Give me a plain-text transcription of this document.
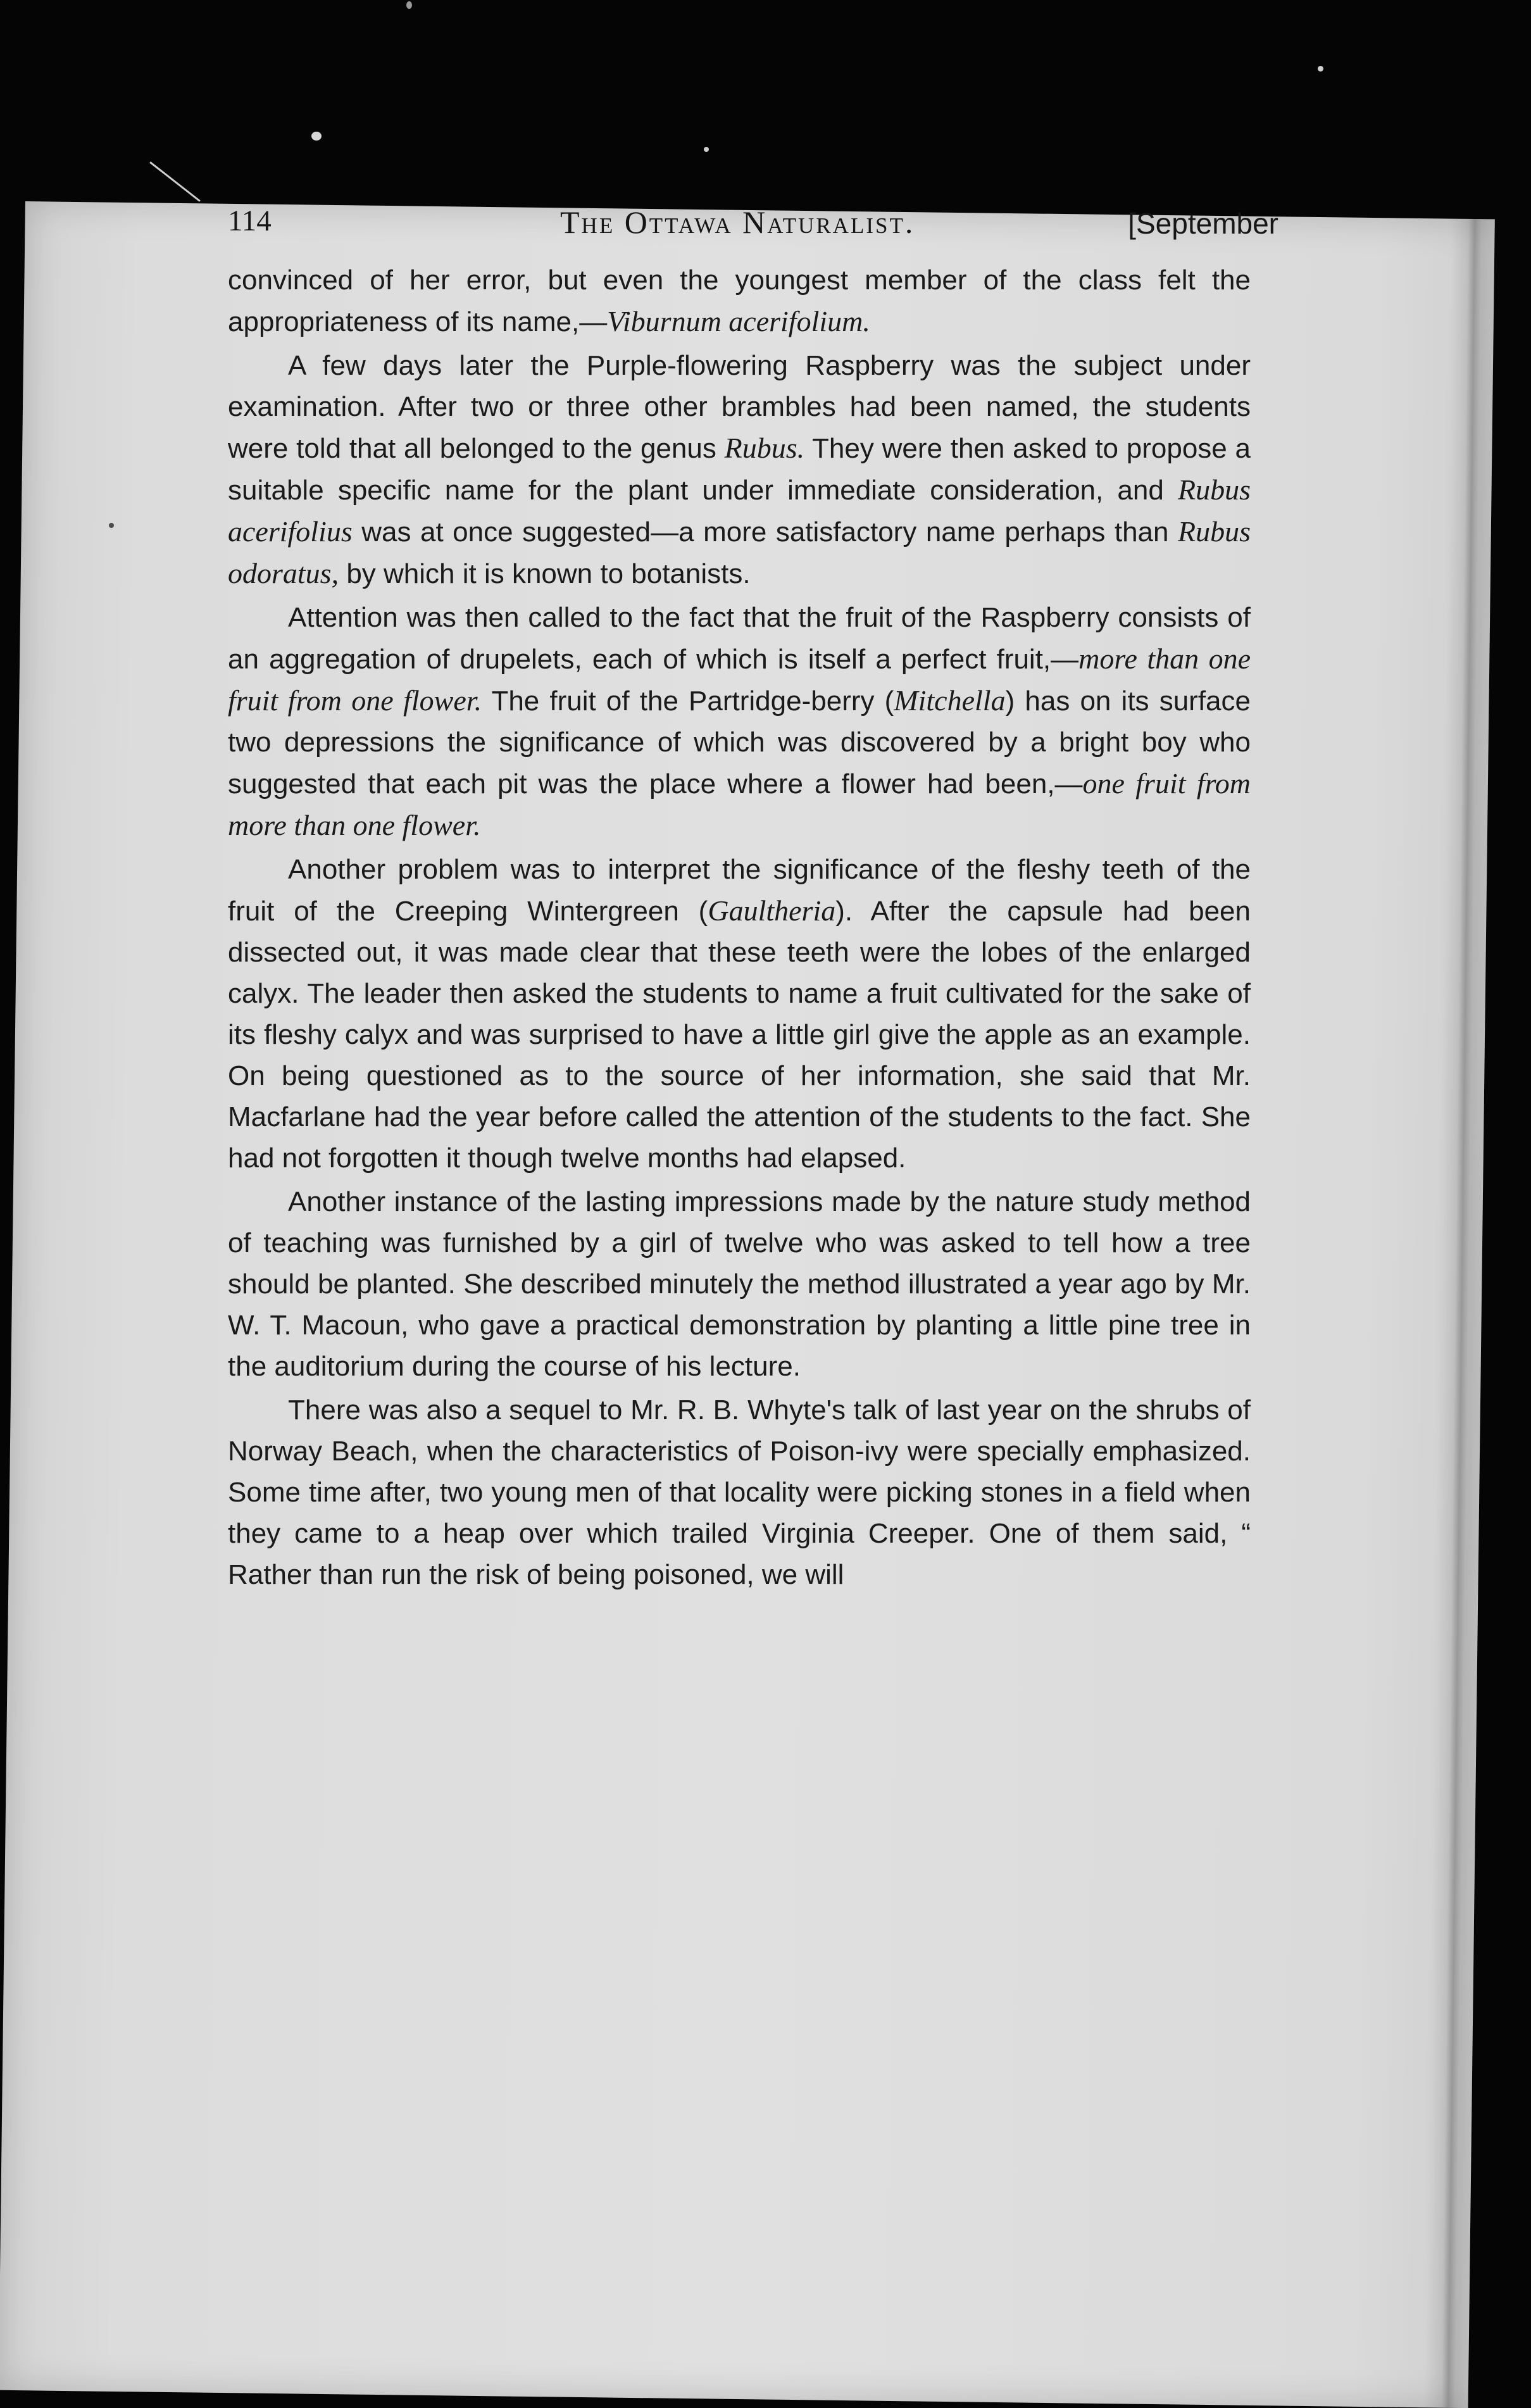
114	The Ottawa Naturalist.	[September

convinced of her error, but even the youngest member of the class felt the appropriateness of its name,—Viburnum acerifolium.

A few days later the Purple-flowering Raspberry was the subject under examination. After two or three other brambles had been named, the students were told that all belonged to the genus Rubus. They were then asked to propose a suitable specific name for the plant under immediate consideration, and Rubus acerifolius was at once suggested—a more satisfactory name perhaps than Rubus odoratus, by which it is known to botanists.

Attention was then called to the fact that the fruit of the Raspberry consists of an aggregation of drupelets, each of which is itself a perfect fruit,—more than one fruit from one flower. The fruit of the Partridge-berry (Mitchella) has on its surface two depressions the significance of which was discovered by a bright boy who suggested that each pit was the place where a flower had been,—one fruit from more than one flower.

Another problem was to interpret the significance of the fleshy teeth of the fruit of the Creeping Wintergreen (Gaultheria). After the capsule had been dissected out, it was made clear that these teeth were the lobes of the enlarged calyx. The leader then asked the students to name a fruit cultivated for the sake of its fleshy calyx and was surprised to have a little girl give the apple as an example. On being questioned as to the source of her information, she said that Mr. Macfarlane had the year before called the attention of the students to the fact. She had not forgotten it though twelve months had elapsed.

Another instance of the lasting impressions made by the nature study method of teaching was furnished by a girl of twelve who was asked to tell how a tree should be planted. She described minutely the method illustrated a year ago by Mr. W. T. Macoun, who gave a practical demonstration by planting a little pine tree in the auditorium during the course of his lecture.

There was also a sequel to Mr. R. B. Whyte's talk of last year on the shrubs of Norway Beach, when the characteristics of Poison-ivy were specially emphasized. Some time after, two young men of that locality were picking stones in a field when they came to a heap over which trailed Virginia Creeper. One of them said, “ Rather than run the risk of being poisoned, we will
